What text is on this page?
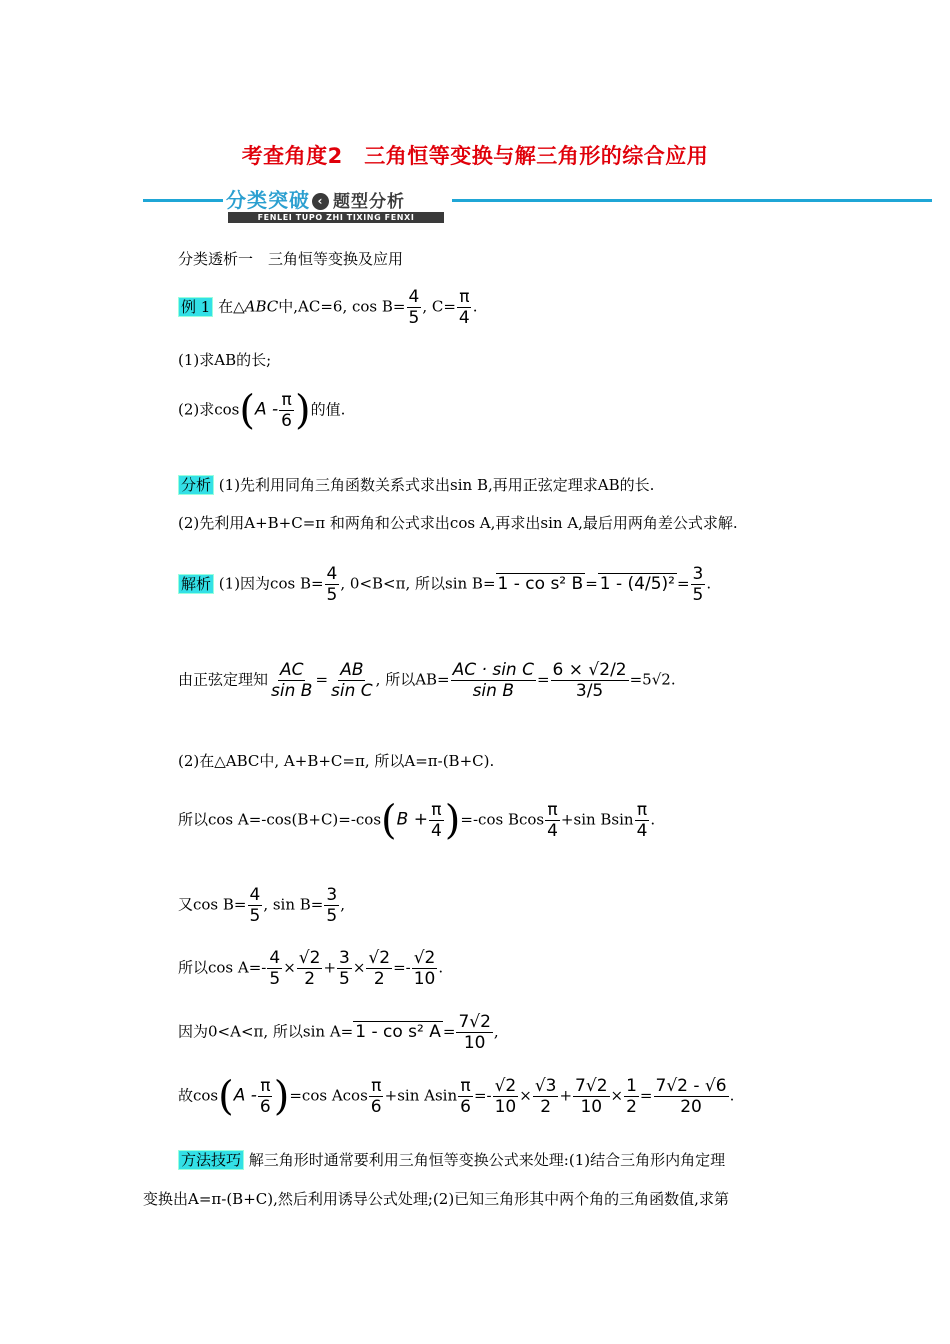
考查角度2　三角恒等变换与解三角形的综合应用
分类突破 ‹ 题型分析
FENLEI TUPO ZHI TIXING FENXI
分类透析一　三角恒等变换及应用
例 1 在△ABC中,AC=6, $\cos B= \frac{4}{5}$ , $C= \frac{\pi}{4}$ .
(1)求AB的长;
(2)求$\cos(A - \frac{\pi}{6}$ )的值.
分析 (1)先利用同角三角函数关系式求出sin B,再用正弦定理求AB的长.
(2)先利用A+B+C=π 和两角和公式求出cos A,再求出sin A,最后用两角差公式求解.
解析 (1)因为$\cos B= \frac{4}{5}$ , 0<B<π, 所以sin B= 1 - co s² $B = 1 - (4/5)^2 = \frac{3}{5}$ .
由正弦定理知 $\frac{AC}{\text{sin B}} = \frac{AB}{\text{sin C}}$ , 所以$AB= \frac{\text{AC · sin C}}{\text{sin B}} = \frac{6 \times √2/2}{3/5} =5√2$.
(2)在△ABC中, A+B+C=π, 所以A=π-(B+C).
所以$\cos A=-\cos(B+C)=-\cos(B + \frac{\pi}{4} )=-\cos$ Bcos $\frac{\pi}{4} +\sin$ Bsin $\frac{\pi}{4}$ .
又$\cos B= \frac{4}{5}$ , $\sin B= \frac{3}{5}$ ,
所以$\cos A=- \frac{4}{5} \times \frac{√2}{2} + \frac{3}{5} \times \frac{√2}{2} =- \frac{√2}{10}$ .
因为0<A<π, 所以sin A= 1 - co s² $A = \frac{7√2}{10}$ ,
故$\cos(A - \frac{\pi}{6} )=\cos$ Acos $\frac{\pi}{6} +\sin$ Asin $\frac{\pi}{6} =- \frac{√2}{10} \times \frac{√3}{2} + \frac{7√2}{10} \times \frac{1}{2} = \frac{7√2 - √6}{20}$ .
方法技巧 解三角形时通常要利用三角恒等变换公式来处理:(1)结合三角形内角定理
变换出A=π-(B+C),然后利用诱导公式处理;(2)已知三角形其中两个角的三角函数值,求第
